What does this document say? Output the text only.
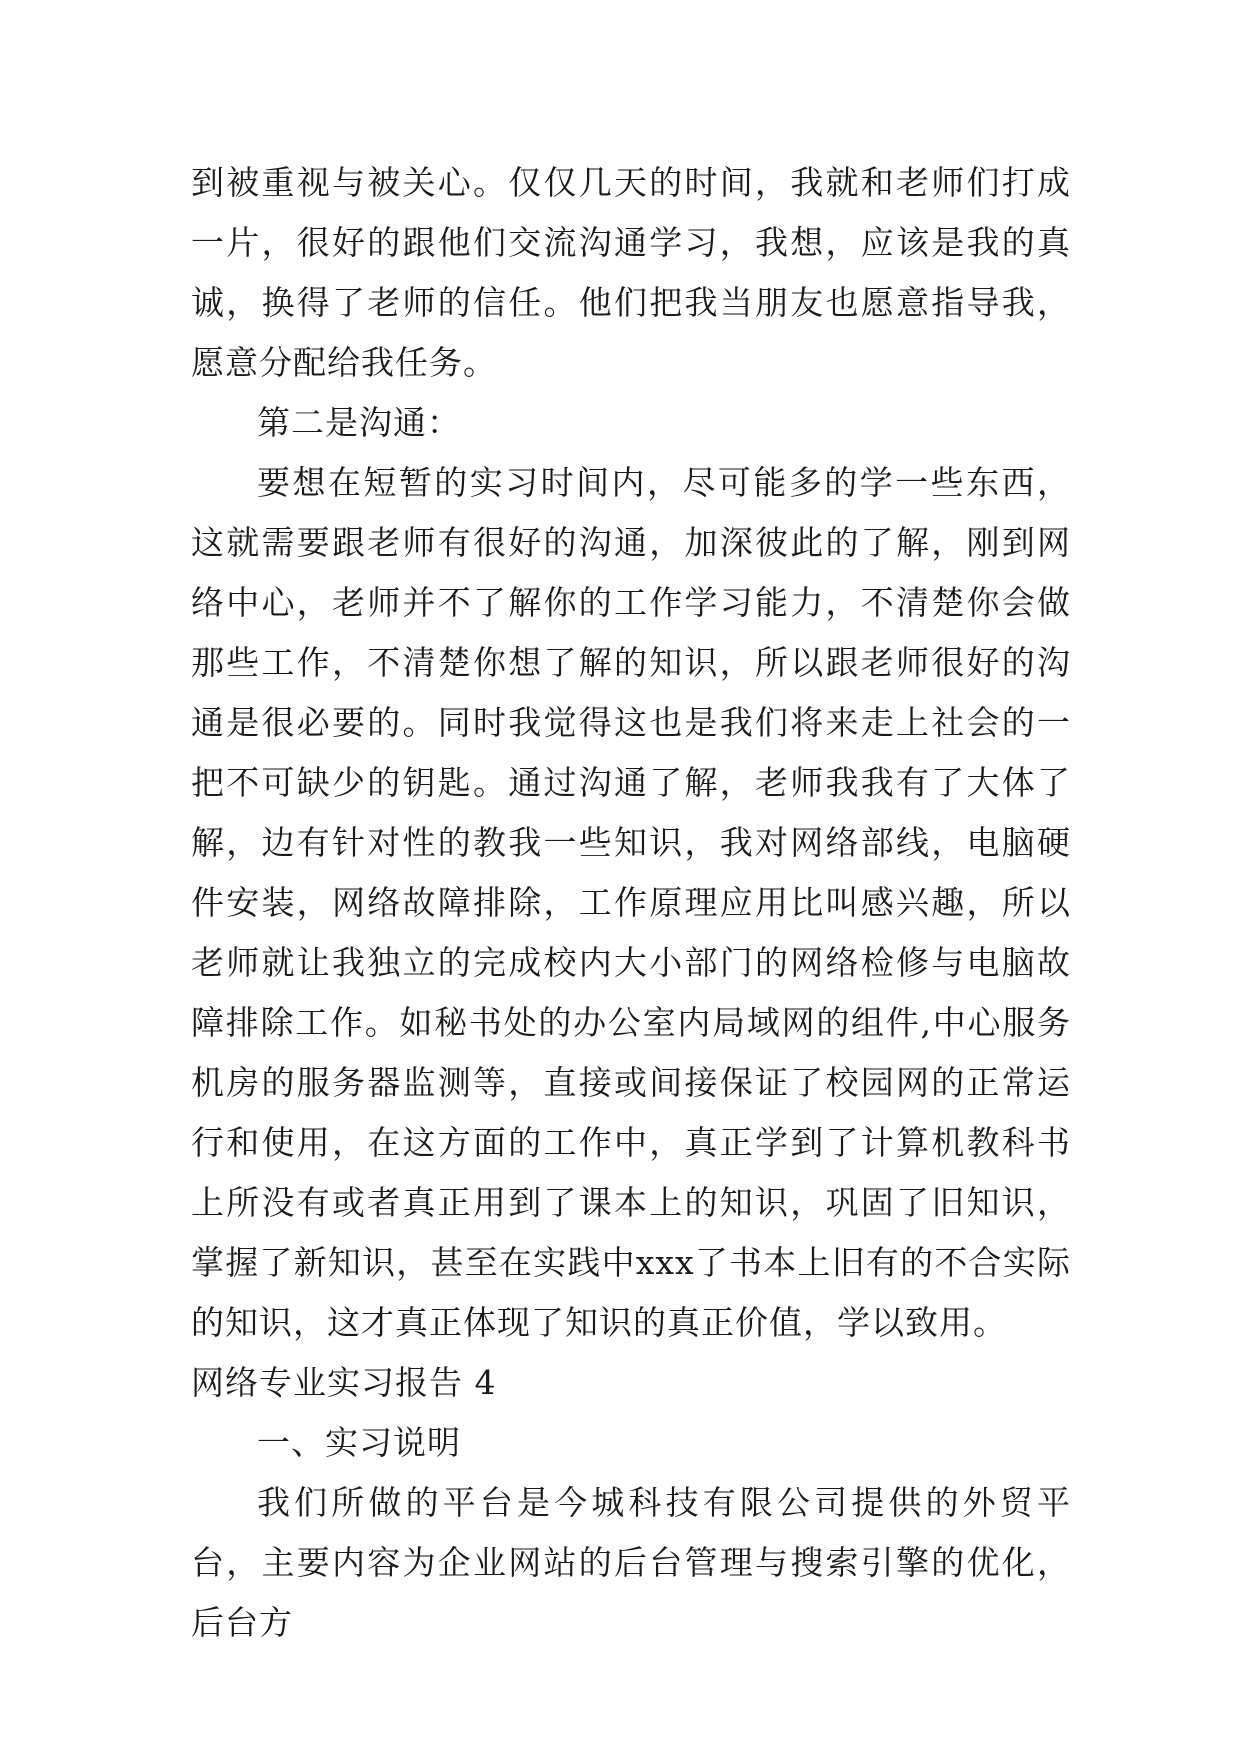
到被重视与被关心。仅仅几天的时间，我就和老师们打成一片，很好的跟他们交流沟通学习，我想，应该是我的真诚，换得了老师的信任。他们把我当朋友也愿意指导我，愿意分配给我任务。

第二是沟通：

要想在短暂的实习时间内，尽可能多的学一些东西，这就需要跟老师有很好的沟通，加深彼此的了解，刚到网络中心，老师并不了解你的工作学习能力，不清楚你会做那些工作，不清楚你想了解的知识，所以跟老师很好的沟通是很必要的。同时我觉得这也是我们将来走上社会的一把不可缺少的钥匙。通过沟通了解，老师我我有了大体了解，边有针对性的教我一些知识，我对网络部线，电脑硬件安装，网络故障排除，工作原理应用比叫感兴趣，所以老师就让我独立的完成校内大小部门的网络检修与电脑故障排除工作。如秘书处的办公室内局域网的组件,中心服务机房的服务器监测等，直接或间接保证了校园网的正常运行和使用，在这方面的工作中，真正学到了计算机教科书上所没有或者真正用到了课本上的知识，巩固了旧知识，掌握了新知识，甚至在实践中xxx了书本上旧有的不合实际的知识，这才真正体现了知识的真正价值，学以致用。

网络专业实习报告 4

一、实习说明

我们所做的平台是今城科技有限公司提供的外贸平台，主要内容为企业网站的后台管理与搜索引擎的优化，后台方
